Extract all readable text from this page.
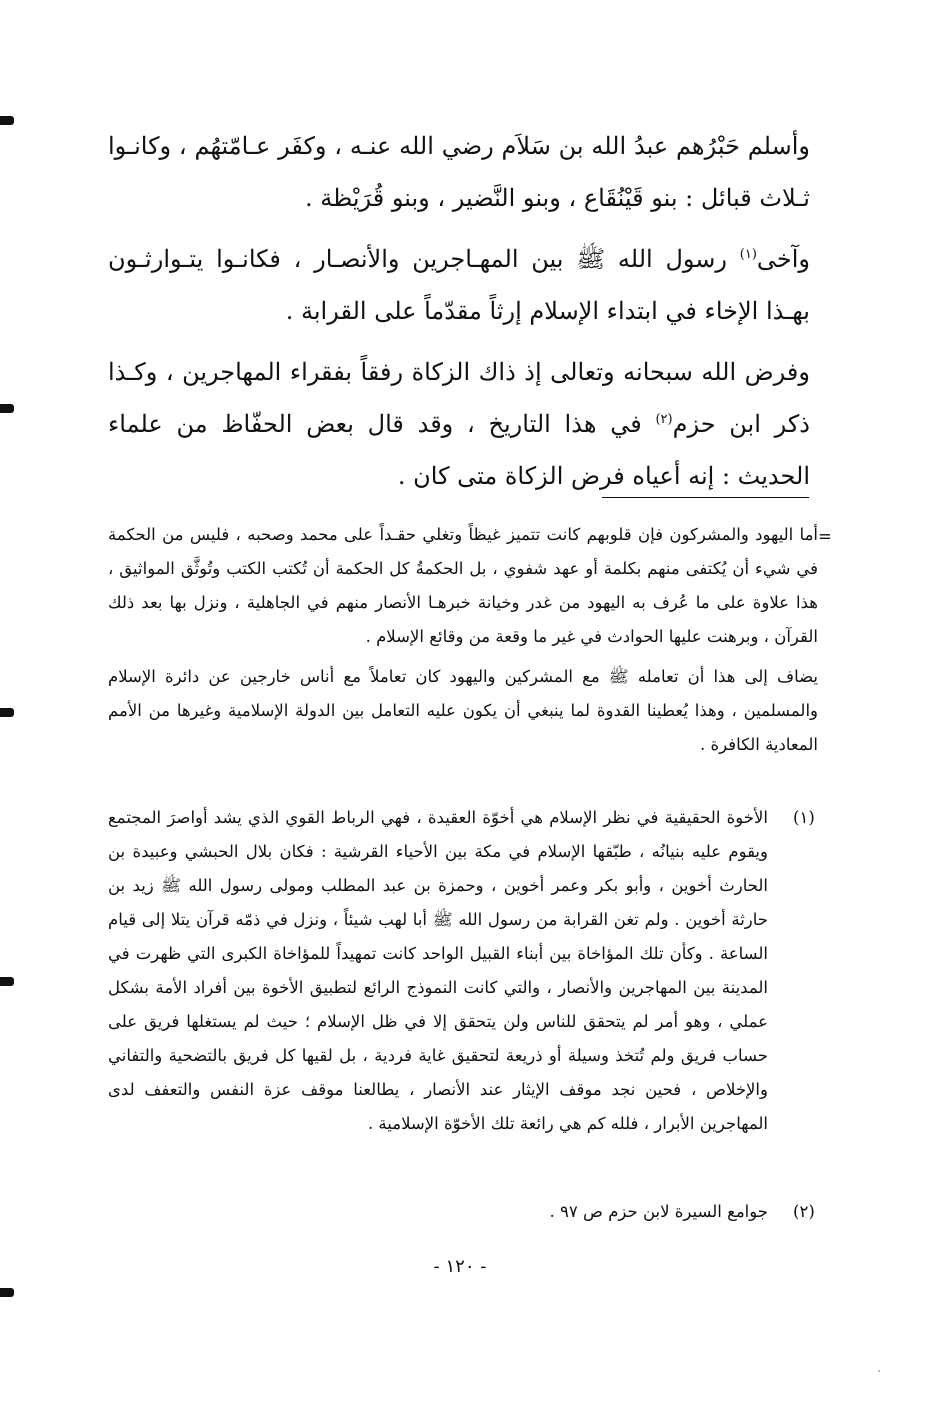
وأسلم حَبْرُهم عبدُ الله بن سَلاَم رضي الله عنـه ، وكفَر عـامّتهُم ، وكانـوا ثـلاث قبائل : بنو قَيْنُقَاع ، وبنو النَّضير ، وبنو قُرَيْظة .

وآخى$^{(١)}$ رسول الله ﷺ بين المهـاجرين والأنصـار ، فكانـوا يتـوارثـون بهـذا الإخاء في ابتداء الإسلام إرثاً مقدّماً على القرابة .

وفرض الله سبحانه وتعالى إذ ذاك الزكاة رفقاً بفقراء المهاجرين ، وكـذا ذكر ابن حزم$^{(٢)}$ في هذا التاريخ ، وقد قال بعض الحفّاظ من علماء الحديث : إنه أعياه فرض الزكاة متى كان .

=

أما اليهود والمشركون فإن قلوبهم كانت تتميز غيظاً وتغلي حقـداً على محمد وصحبه ، فليس من الحكمة في شيء أن يُكتفى منهم بكلمة أو عهد شفوي ، بل الحكمةُ كل الحكمة أن تُكتب الكتب وتُوثَّق المواثيق ، هذا علاوة على ما عُرف به اليهود من غدر وخيانة خبرهـا الأنصار منهم في الجاهلية ، ونزل بها بعد ذلك القرآن ، وبرهنت عليها الحوادث في غير ما وقعة من وقائع الإسلام .

يضاف إلى هذا أن تعامله ﷺ مع المشركين واليهود كان تعاملاً مع أناس خارجين عن دائرة الإسلام والمسلمين ، وهذا يُعطينا القدوة لما ينبغي أن يكون عليه التعامل بين الدولة الإسلامية وغيرها من الأمم المعادية الكافرة .

(١)

الأخوة الحقيقية في نظر الإسلام هي أخوّة العقيدة ، فهي الرباط القوي الذي يشد أواصرَ المجتمع ويقوم عليه بنيانُه ، طبّقها الإسلام في مكة بين الأحياء القرشية : فكان بلال الحبشي وعبيدة بن الحارث أخوين ، وأبو بكر وعمر أخوين ، وحمزة بن عبد المطلب ومولى رسول الله ﷺ زيد بن حارثة أخوين . ولم تغن القرابة من رسول الله ﷺ أبا لهب شيئاً ، ونزل في ذمّه قرآن يتلا إلى قيام الساعة . وكأن تلك المؤاخاة بين أبناء القبيل الواحد كانت تمهيداً للمؤاخاة الكبرى التي ظهرت في المدينة بين المهاجرين والأنصار ، والتي كانت النموذج الرائع لتطبيق الأخوة بين أفراد الأمة بشكل عملي ، وهو أمر لم يتحقق للناس ولن يتحقق إلا في ظل الإسلام ؛ حيث لم يستغلها فريق على حساب فريق ولم تُتخذ وسيلة أو ذريعة لتحقيق غاية فردية ، بل لقيها كل فريق بالتضحية والتفاني والإخلاص ، فحين نجد موقف الإيثار عند الأنصار ، يطالعنا موقف عزة النفس والتعفف لدى المهاجرين الأبرار ، فلله كم هي رائعة تلك الأخوّة الإسلامية .

(٢)

جوامع السيرة لابن حزم ص ٩٧ .

- ١٢٠ -
